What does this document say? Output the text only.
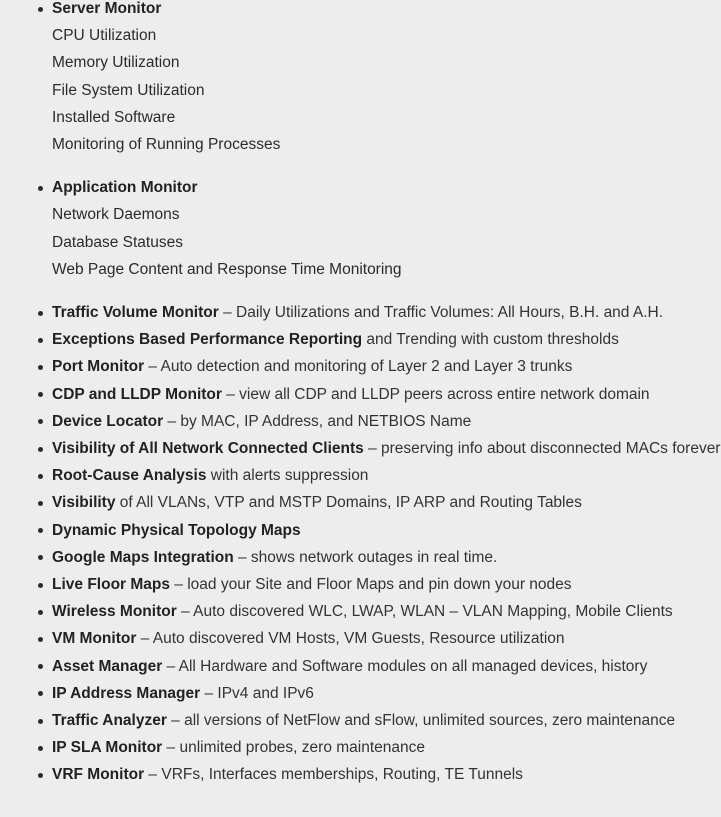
Server Monitor
CPU Utilization
Memory Utilization
File System Utilization
Installed Software
Monitoring of Running Processes
Application Monitor
Network Daemons
Database Statuses
Web Page Content and Response Time Monitoring
Traffic Volume Monitor – Daily Utilizations and Traffic Volumes: All Hours, B.H. and A.H.
Exceptions Based Performance Reporting and Trending with custom thresholds
Port Monitor – Auto detection and monitoring of Layer 2 and Layer 3 trunks
CDP and LLDP Monitor – view all CDP and LLDP peers across entire network domain
Device Locator – by MAC, IP Address, and NETBIOS Name
Visibility of All Network Connected Clients – preserving info about disconnected MACs forever
Root-Cause Analysis with alerts suppression
Visibility of All VLANs, VTP and MSTP Domains, IP ARP and Routing Tables
Dynamic Physical Topology Maps
Google Maps Integration – shows network outages in real time.
Live Floor Maps – load your Site and Floor Maps and pin down your nodes
Wireless Monitor – Auto discovered WLC, LWAP, WLAN – VLAN Mapping, Mobile Clients
VM Monitor – Auto discovered VM Hosts, VM Guests, Resource utilization
Asset Manager – All Hardware and Software modules on all managed devices, history
IP Address Manager – IPv4 and IPv6
Traffic Analyzer – all versions of NetFlow and sFlow, unlimited sources, zero maintenance
IP SLA Monitor – unlimited probes, zero maintenance
VRF Monitor – VRFs, Interfaces memberships, Routing, TE Tunnels
